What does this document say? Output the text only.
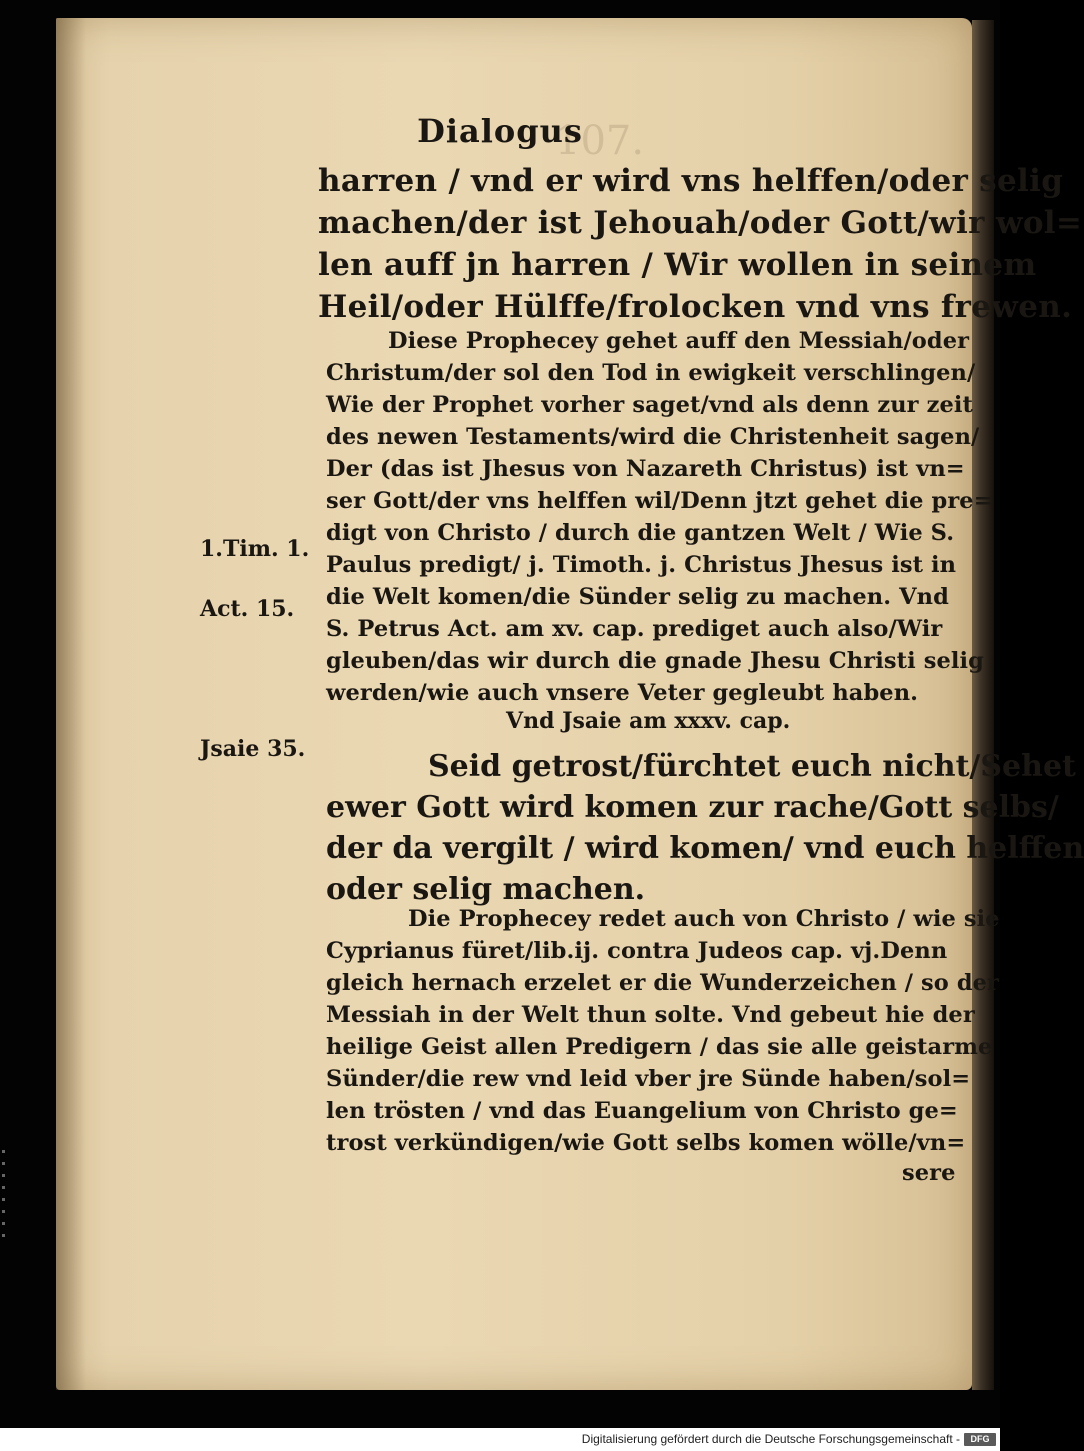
107.
Dialogus
harren / vnd er wird vns helffen/oder selig
machen/der ist Jehouah/oder Gott/wir wol=
len auff jn harren / Wir wollen in seinem
Heil/oder Hülffe/frolocken vnd vns frewen.
Diese Prophecey gehet auff den Messiah/oder
Christum/der sol den Tod in ewigkeit verschlingen/
Wie der Prophet vorher saget/vnd als denn zur zeit
des newen Testaments/wird die Christenheit sagen/
Der (das ist Jhesus von Nazareth Christus) ist vn=
ser Gott/der vns helffen wil/Denn jtzt gehet die pre=
digt von Christo / durch die gantzen Welt / Wie S.
Paulus predigt/ j. Timoth. j. Christus Jhesus ist in
die Welt komen/die Sünder selig zu machen. Vnd
S. Petrus Act. am xv. cap. prediget auch also/Wir
gleuben/das wir durch die gnade Jhesu Christi selig
werden/wie auch vnsere Veter gegleubt haben.
Vnd Jsaie am xxxv. cap.
Seid getrost/fürchtet euch nicht/Sehet
ewer Gott wird komen zur rache/Gott selbs/
der da vergilt / wird komen/ vnd euch helffen
oder selig machen.
Die Prophecey redet auch von Christo / wie sie
Cyprianus füret/lib.ij. contra Judeos cap. vj.Denn
gleich hernach erzelet er die Wunderzeichen / so der
Messiah in der Welt thun solte. Vnd gebeut hie der
heilige Geist allen Predigern / das sie alle geistarme
Sünder/die rew vnd leid vber jre Sünde haben/sol=
len trösten / vnd das Euangelium von Christo ge=
trost verkündigen/wie Gott selbs komen wölle/vn=
sere
1.Tim. 1.
Act. 15.
Jsaie 35.
Digitalisierung gefördert durch die Deutsche Forschungsgemeinschaft -	DFG
